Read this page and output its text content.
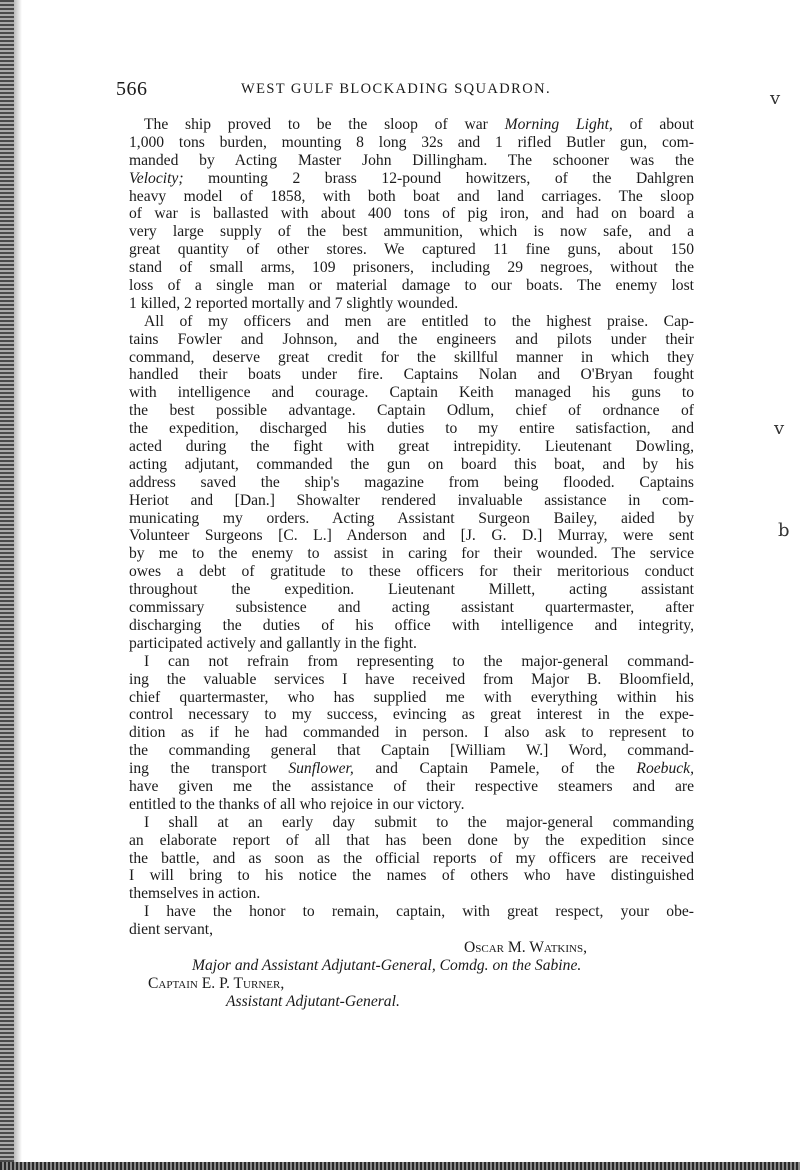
v
v
b
566	WEST GULF BLOCKADING SQUADRON.
The ship proved to be the sloop of war Morning Light, of about
1,000 tons burden, mounting 8 long 32s and 1 rifled Butler gun, com-
manded by Acting Master John Dillingham. The schooner was the
Velocity; mounting 2 brass 12-pound howitzers, of the Dahlgren
heavy model of 1858, with both boat and land carriages. The sloop
of war is ballasted with about 400 tons of pig iron, and had on board a
very large supply of the best ammunition, which is now safe, and a
great quantity of other stores. We captured 11 fine guns, about 150
stand of small arms, 109 prisoners, including 29 negroes, without the
loss of a single man or material damage to our boats. The enemy lost
1 killed, 2 reported mortally and 7 slightly wounded.
All of my officers and men are entitled to the highest praise. Cap-
tains Fowler and Johnson, and the engineers and pilots under their
command, deserve great credit for the skillful manner in which they
handled their boats under fire. Captains Nolan and O'Bryan fought
with intelligence and courage. Captain Keith managed his guns to
the best possible advantage. Captain Odlum, chief of ordnance of
the expedition, discharged his duties to my entire satisfaction, and
acted during the fight with great intrepidity. Lieutenant Dowling,
acting adjutant, commanded the gun on board this boat, and by his
address saved the ship's magazine from being flooded. Captains
Heriot and [Dan.] Showalter rendered invaluable assistance in com-
municating my orders. Acting Assistant Surgeon Bailey, aided by
Volunteer Surgeons [C. L.] Anderson and [J. G. D.] Murray, were sent
by me to the enemy to assist in caring for their wounded. The service
owes a debt of gratitude to these officers for their meritorious conduct
throughout the expedition. Lieutenant Millett, acting assistant
commissary subsistence and acting assistant quartermaster, after
discharging the duties of his office with intelligence and integrity,
participated actively and gallantly in the fight.
I can not refrain from representing to the major-general command-
ing the valuable services I have received from Major B. Bloomfield,
chief quartermaster, who has supplied me with everything within his
control necessary to my success, evincing as great interest in the expe-
dition as if he had commanded in person. I also ask to represent to
the commanding general that Captain [William W.] Word, command-
ing the transport Sunflower, and Captain Pamele, of the Roebuck,
have given me the assistance of their respective steamers and are
entitled to the thanks of all who rejoice in our victory.
I shall at an early day submit to the major-general commanding
an elaborate report of all that has been done by the expedition since
the battle, and as soon as the official reports of my officers are received
I will bring to his notice the names of others who have distinguished
themselves in action.
I have the honor to remain, captain, with great respect, your obe-
dient servant,
Oscar M. Watkins,
Major and Assistant Adjutant-General, Comdg. on the Sabine.
Captain E. P. Turner,
Assistant Adjutant-General.
